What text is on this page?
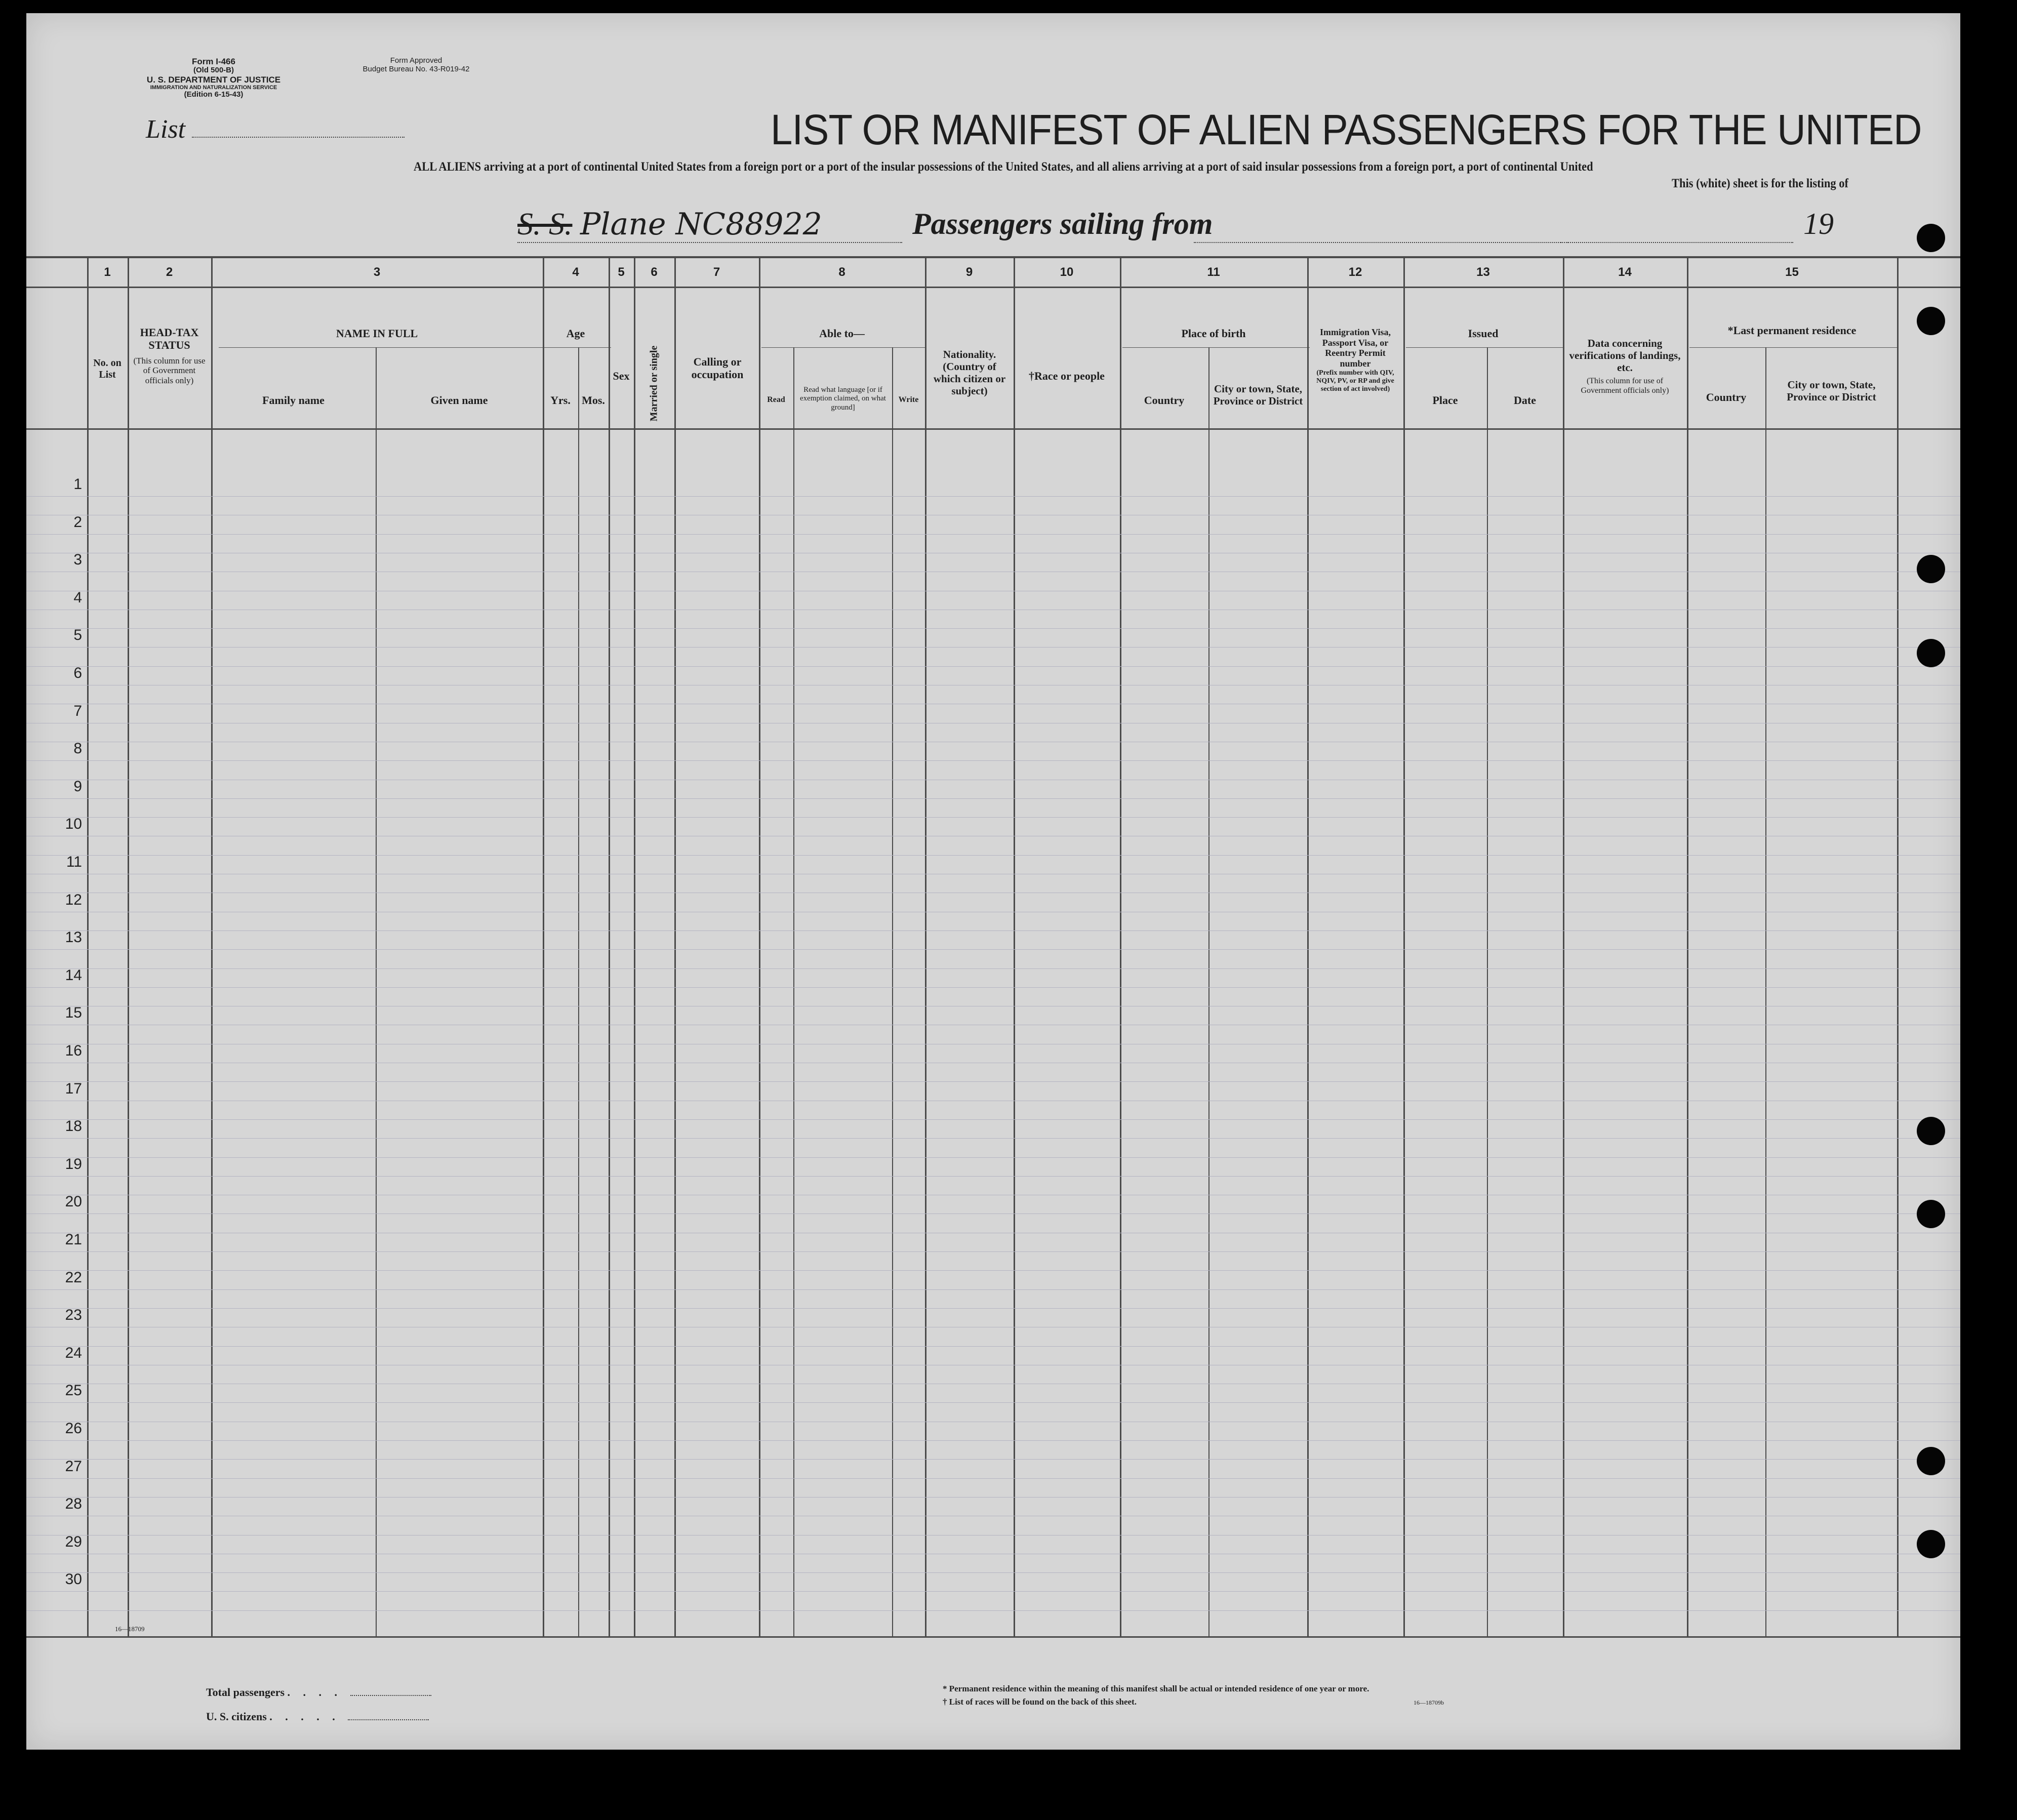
Form I-466
(Old 500-B)
U. S. DEPARTMENT OF JUSTICE
IMMIGRATION AND NATURALIZATION SERVICE
(Edition 6-15-43)
Form Approved
Budget Bureau No. 43-R019-42
List	LIST OR MANIFEST OF ALIEN PASSENGERS FOR THE UNITED
ALL ALIENS arriving at a port of continental United States from a foreign port or a port of the insular possessions of the United States, and all aliens arriving at a port of said insular possessions from a foreign port, a port of continental United
This (white) sheet is for the listing of
S. S. Plane NC88922	Passengers sailing from	19
1	2	3	4	5	6	7	8	9	10	11	12	13	14	15
No. on List
HEAD-TAX STATUS
(This column for use of Government officials only)
NAME IN FULL
Family name	Given name
Age
Yrs.	Mos.
Sex	Married or single	Calling or occupation
Able to—
Read
Read what language [or if exemption claimed, on what ground]
Write
Nationality. (Country of which citizen or subject)
†Race or people
Place of birth
Country
City or town, State, Province or District
Immigration Visa, Passport Visa, or Reentry Permit number
(Prefix number with QIV, NQIV, PV, or RP and give section of act involved)
Issued
Place	Date
Data concerning verifications of landings, etc.
(This column for use of Government officials only)
*Last permanent residence
Country
City or town, State, Province or District
1
2
3
4
5
6
7
8
9
10
11
12
13
14
15
16
17
18
19
20
21
22
23
24
25
26
27
28
29
30
16—18709
Total passengers . . . .
U. S. citizens . . . . .
* Permanent residence within the meaning of this manifest shall be actual or intended residence of one year or more.
† List of races will be found on the back of this sheet.	16—18709b
